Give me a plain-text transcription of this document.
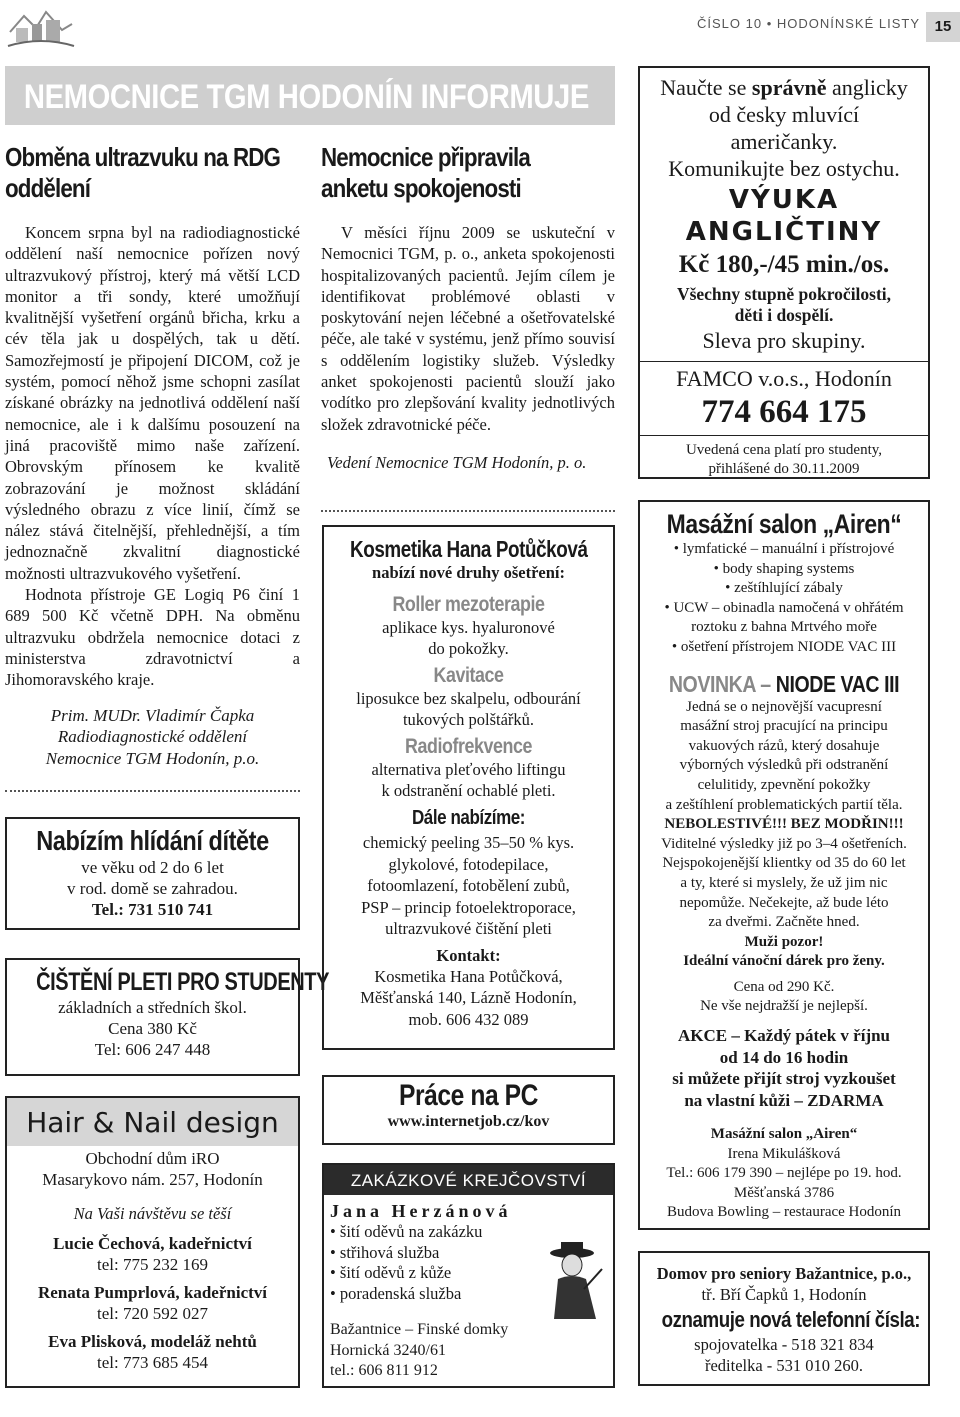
ČÍSLO 10 • HODONÍNSKÉ LISTY 15
NEMOCNICE TGM HODONÍN INFORMUJE
Obměna ultrazvuku na RDG
oddělení

Koncem srpna byl na radiodiagnostické oddělení naší nemocnice pořízen nový ultrazvukový přístroj, který má větší LCD monitor a tři sondy, které umožňují kvalitnější vyšetření orgánů břicha, krku a cév těla jak u dospělých, tak u dětí. Samozřejmostí je připojení DICOM, což je systém, pomocí něhož jsme schopni zasílat získané obrázky na jednotlivá oddělení naší nemocnice, ale i k dalšímu posouzení na jiná pracoviště mimo naše zařízení. Obrovským přínosem ke kvalitě zobrazování je možnost skládání výsledného obrazu z více linií, čímž se nález stává čitelnější, přehlednější, a tím jednoznačně zkvalitní diagnostické možnosti ultrazvukového vyšetření.

Hodnota přístroje GE Logiq P6 činí 1 689 500 Kč včetně DPH. Na obměnu ultrazvuku obdržela nemocnice dotaci z ministerstva zdravotnictví a Jihomoravského kraje.

Prim. MUDr. Vladimír Čapka
Radiodiagnostické oddělení
Nemocnice TGM Hodonín, p.o.
Nabízím hlídání dítěte
ve věku od 2 do 6 let
v rod. domě se zahradou.
Tel.: 731 510 741
ČIŠTĚNÍ PLETI PRO STUDENTY
základních a středních škol.
Cena 380 Kč
Tel: 606 247 448
Hair & Nail design
Obchodní dům iRO
Masarykovo nám. 257, Hodonín
Na Vaši návštěvu se těší
Lucie Čechová, kadeřnictví
tel: 775 232 169
Renata Pumprlová, kadeřnictví
tel: 720 592 027
Eva Plisková, modeláž nehtů
tel: 773 685 454
Nemocnice připravila
anketu spokojenosti
V měsíci říjnu 2009 se uskuteční v Nemocnici TGM, p. o., anketa spokojenosti hospitalizovaných pacientů. Jejím cílem je identifikovat problémové oblasti v poskytování nejen léčebné a ošetřovatelské péče, ale také v systému, jenž přímo souvisí s oddělením logistiky služeb. Výsledky anket spokojenosti pacientů slouží jako vodítko pro zlepšování kvality jednotlivých složek zdravotnické péče.
Vedení Nemocnice TGM Hodonín, p. o.
Kosmetika Hana Potůčková
nabízí nové druhy ošetření:
Roller mezoterapie
aplikace kys. hyaluronové
do pokožky.
Kavitace
liposukce bez skalpelu, odbourání
tukových polštářků.
Radiofrekvence
alternativa pleťového liftingu
k odstranění ochablé pleti.
Dále nabízíme:
chemický peeling 35–50 % kys.
glykolové, fotodepilace,
fotoomlazení, fotobělení zubů,
PSP – princip fotoelektroporace,
ultrazvukové čištění pleti
Kontakt:
Kosmetika Hana Potůčková,
Měšťanská 140, Lázně Hodonín,
mob. 606 432 089
Práce na PC
www.internetjob.cz/kov
ZAKÁZKOVÉ KREJČOVSTVÍ
Jana Herzánová
• šití oděvů na zakázku
• střihová služba
• šití oděvů z kůže
• poradenská služba
Bažantnice – Finské domky
Hornická 3240/61
tel.: 606 811 912
Naučte se správně anglicky
od česky mluvící
američanky.
Komunikujte bez ostychu.
VÝUKA
ANGLIČTINY
Kč 180,-/45 min./os.
Všechny stupně pokročilosti,
děti i dospělí.
Sleva pro skupiny.
FAMCO v.o.s., Hodonín
774 664 175
Uvedená cena platí pro studenty,
přihlášené do 30.11.2009
Masážní salon „Airen“
• lymfatické – manuální i přístrojové
• body shaping systems
• zeštíhlující zábaly
• UCW – obinadla namočená v ohřátém
roztoku z bahna Mrtvého moře
• ošetření přístrojem NIODE VAC III
NOVINKA – NIODE VAC III
Jedná se o nejnovější vacupresní
masážní stroj pracující na principu
vakuových rázů, který dosahuje
výborných výsledků při odstranění
celulitidy, zpevnění pokožky
a zeštíhlení problematických partií těla.
NEBOLESTIVÉ!!! BEZ MODŘIN!!!
Viditelné výsledky již po 3–4 ošetřeních.
Nejspokojenější klientky od 35 do 60 let
a ty, které si myslely, že už jim nic
nepomůže. Nečekejte, až bude léto
za dveřmi. Začněte hned.
Muži pozor!
Ideální vánoční dárek pro ženy.
Cena od 290 Kč.
Ne vše nejdražší je nejlepší.
AKCE – Každý pátek v říjnu
od 14 do 16 hodin
si můžete přijít stroj vyzkoušet
na vlastní kůži – ZDARMA
Masážní salon „Airen“
Irena Mikulášková
Tel.: 606 179 390 – nejlépe po 19. hod.
Měšťanská 3786
Budova Bowling – restaurace Hodonín
Domov pro seniory Bažantnice, p.o.,
tř. Bří Čapků 1, Hodonín
oznamuje nová telefonní čísla:
spojovatelka - 518 321 834
ředitelka - 531 010 260.
